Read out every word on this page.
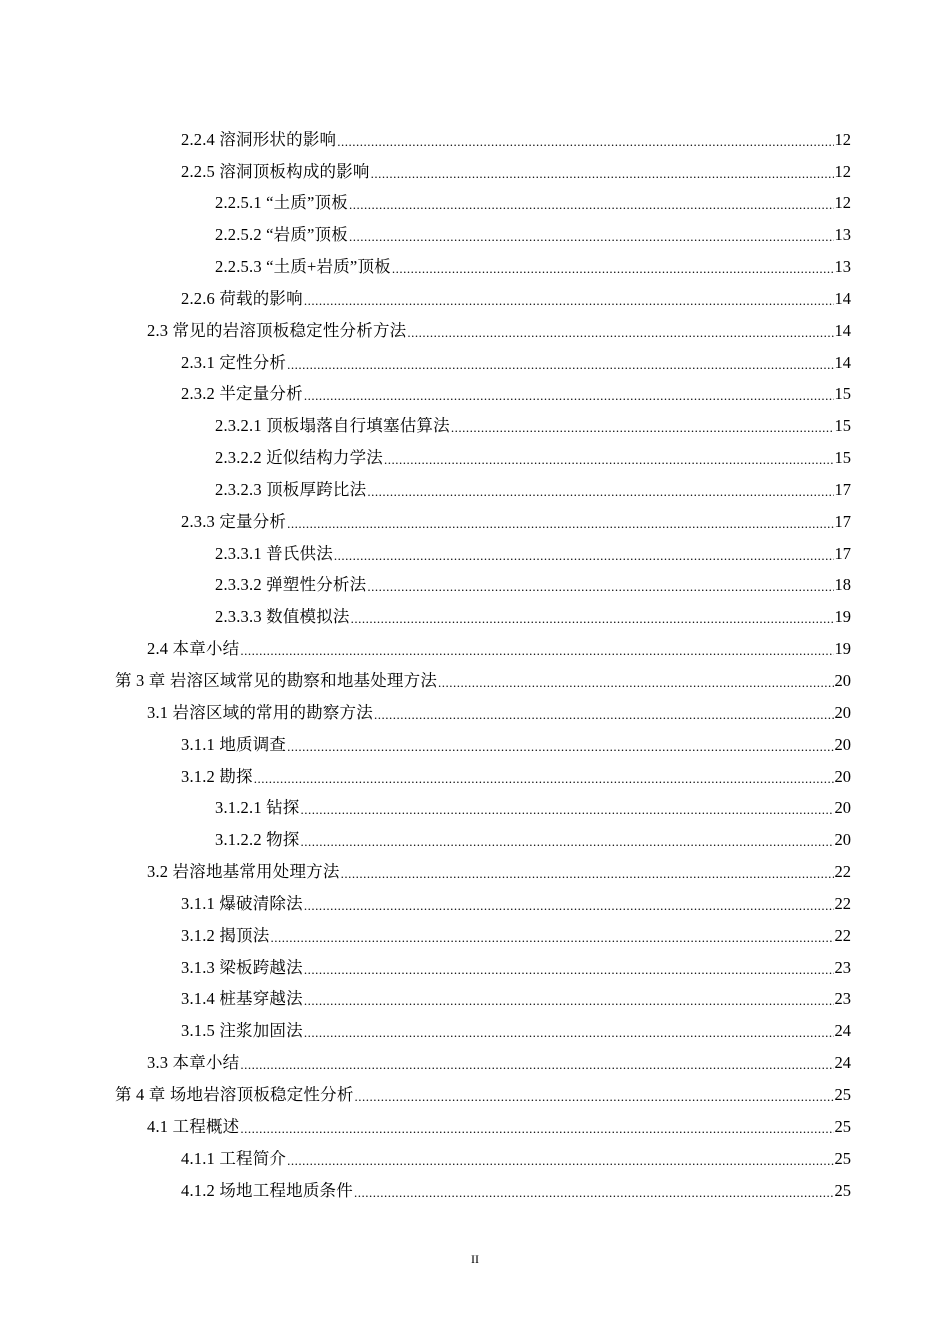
2.2.4 溶洞形状的影响 .....	12
2.2.5 溶洞顶板构成的影响 .....	12
2.2.5.1 “土质”顶板 .....	12
2.2.5.2 “岩质”顶板 .....	13
2.2.5.3 “土质+岩质”顶板 .....	13
2.2.6 荷载的影响 .....	14
2.3 常见的岩溶顶板稳定性分析方法 .....	14
2.3.1 定性分析 .....	14
2.3.2 半定量分析 .....	15
2.3.2.1 顶板塌落自行填塞估算法 .....	15
2.3.2.2 近似结构力学法 .....	15
2.3.2.3 顶板厚跨比法 .....	17
2.3.3 定量分析 .....	17
2.3.3.1 普氏供法 .....	17
2.3.3.2 弹塑性分析法 .....	18
2.3.3.3 数值模拟法 .....	19
2.4 本章小结 .....	19
第 3 章 岩溶区域常见的勘察和地基处理方法 .....	20
3.1 岩溶区域的常用的勘察方法 .....	20
3.1.1 地质调查 .....	20
3.1.2 勘探 .....	20
3.1.2.1 钻探 .....	20
3.1.2.2 物探 .....	20
3.2 岩溶地基常用处理方法 .....	22
3.1.1 爆破清除法 .....	22
3.1.2 揭顶法 .....	22
3.1.3 梁板跨越法 .....	23
3.1.4 桩基穿越法 .....	23
3.1.5 注浆加固法 .....	24
3.3 本章小结 .....	24
第 4 章 场地岩溶顶板稳定性分析 .....	25
4.1 工程概述 .....	25
4.1.1 工程简介 .....	25
4.1.2 场地工程地质条件 .....	25
II
